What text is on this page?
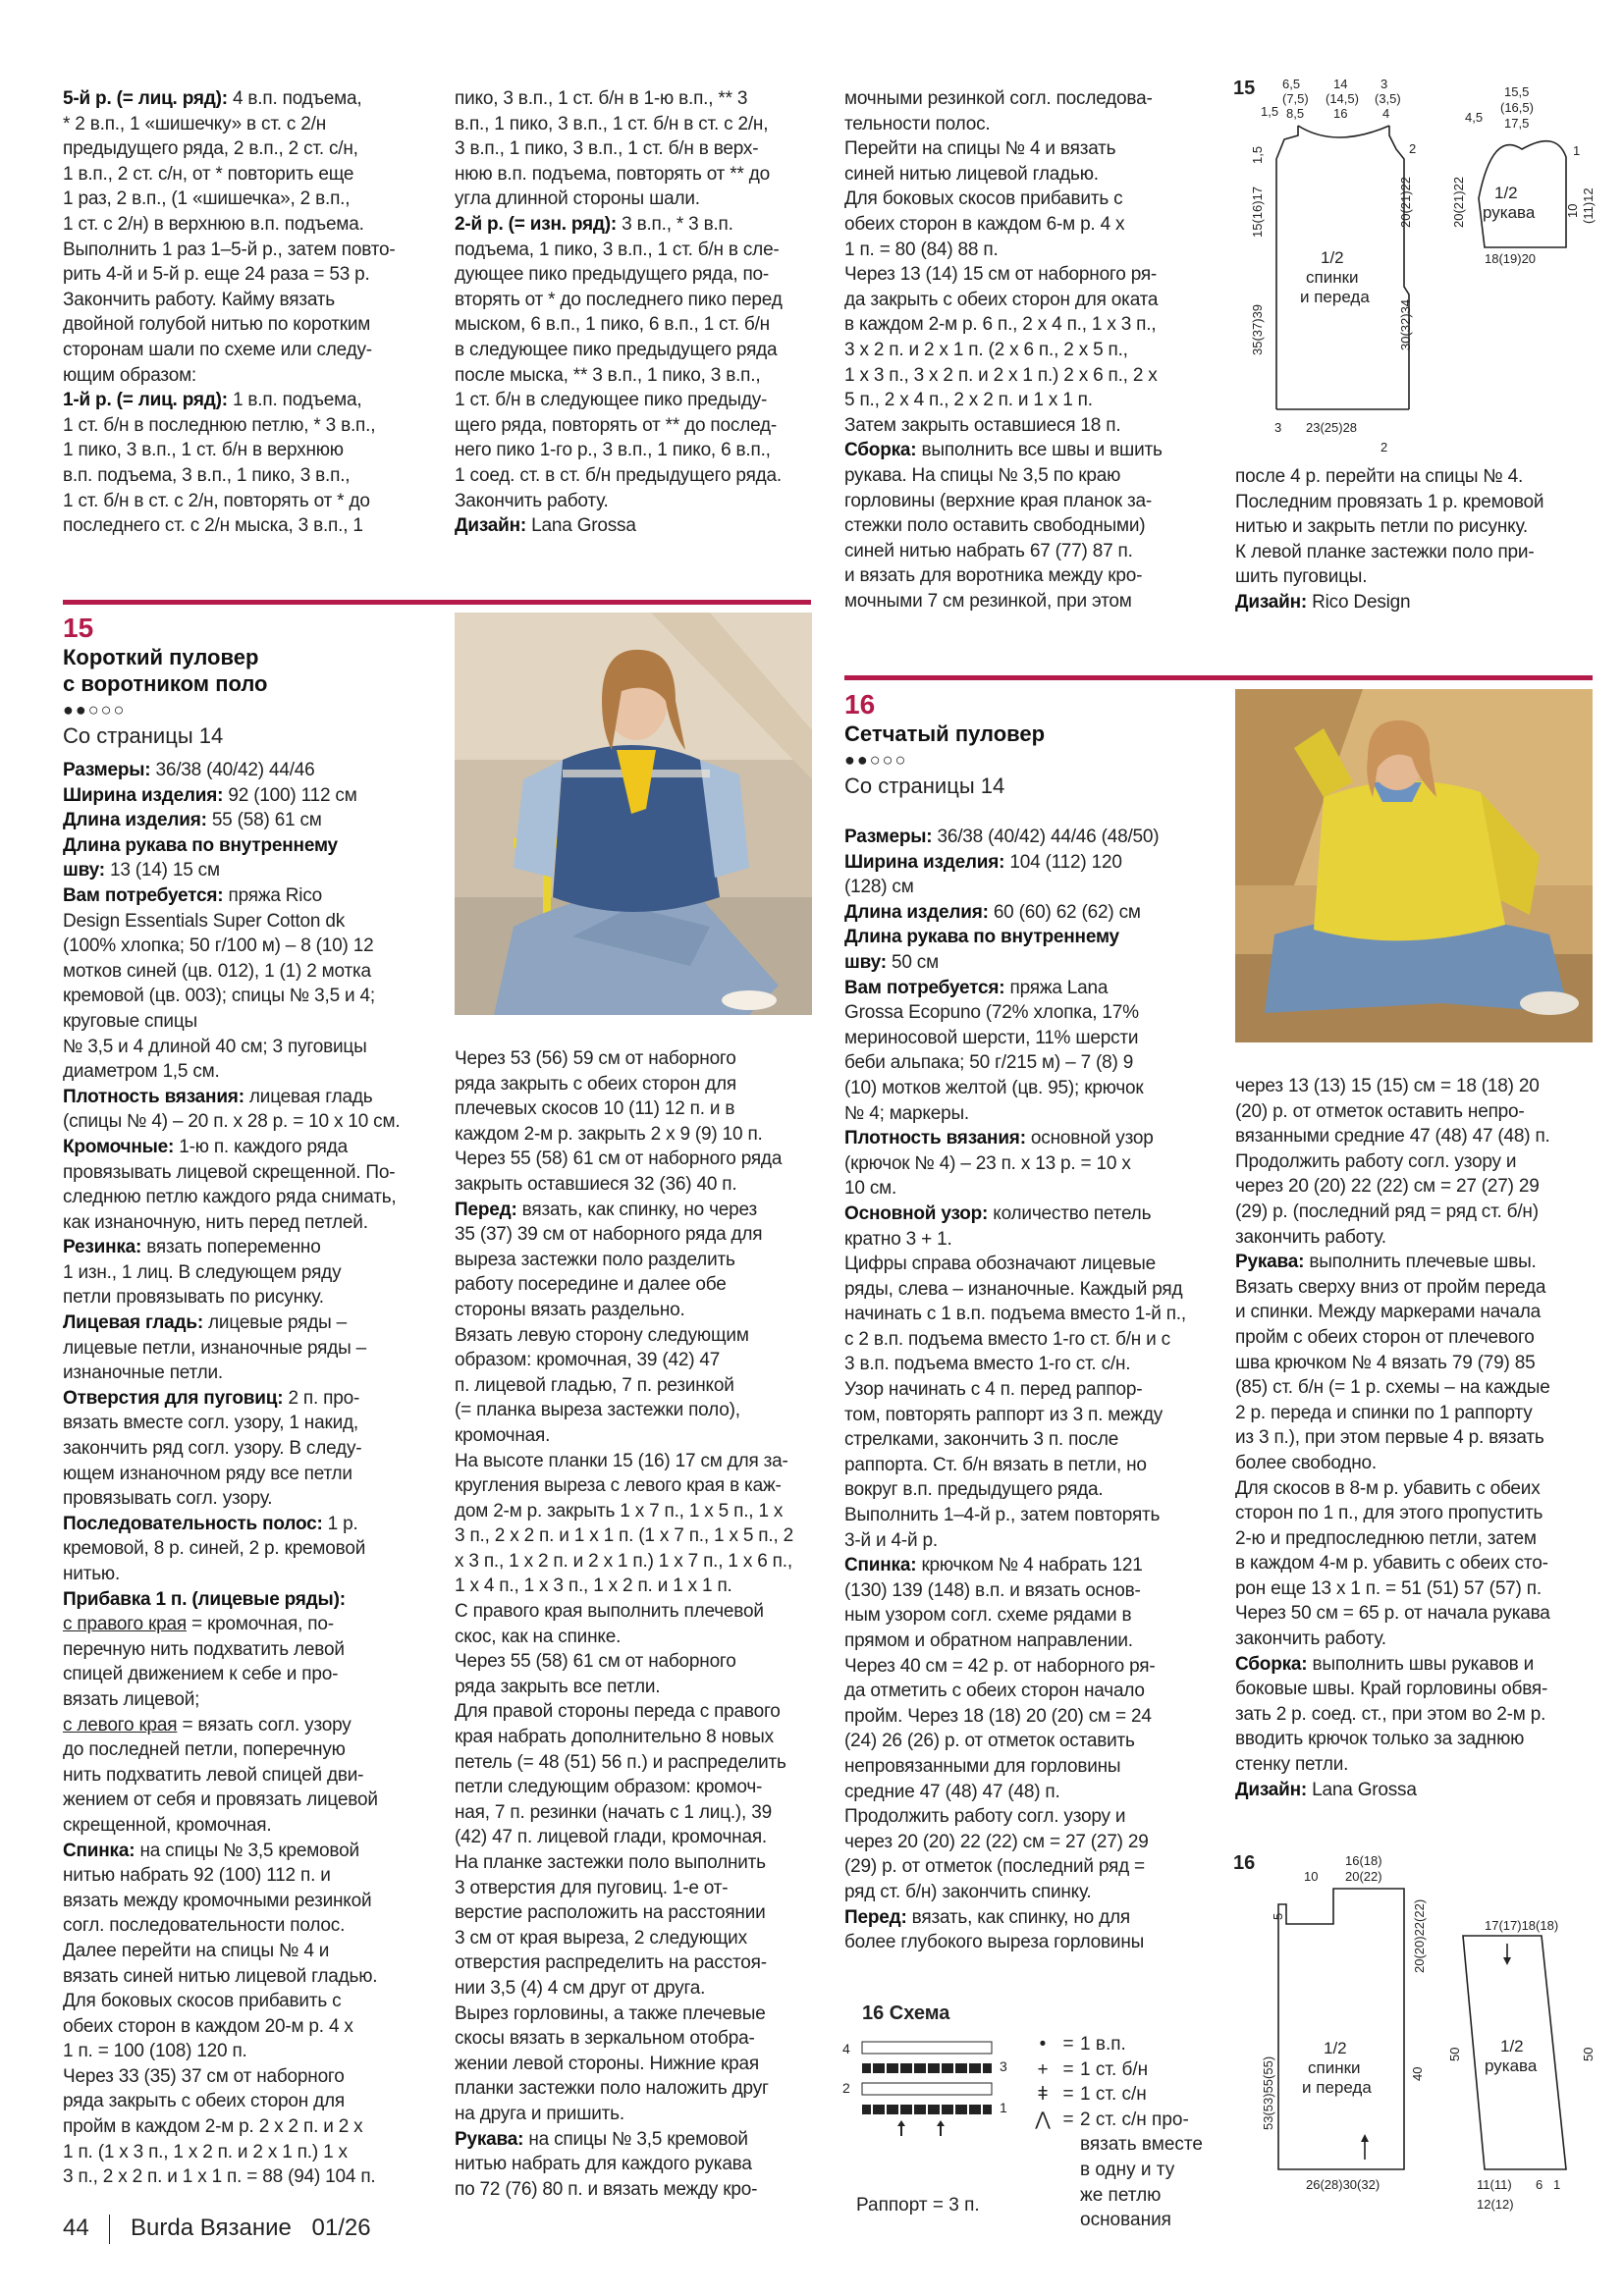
5-й р. (= лиц. ряд): 4 в.п. подъема,

* 2 в.п., 1 «шишечку» в ст. с 2/н

предыдущего ряда, 2 в.п., 2 ст. с/н,

1 в.п., 2 ст. с/н, от * повторить еще

1 раз, 2 в.п., (1 «шишечка», 2 в.п.,

1 ст. с 2/н) в верхнюю в.п. подъема.

Выполнить 1 раз 1–5-й р., затем повто-

рить 4-й и 5-й р. еще 24 раза = 53 р.

Закончить работу. Каймy вязать

двойной голубой нитью по коротким

сторонам шали по схеме или следу-

ющим образом:

1-й р. (= лиц. ряд): 1 в.п. подъема,

1 ст. б/н в последнюю петлю, * 3 в.п.,

1 пико, 3 в.п., 1 ст. б/н в верхнюю

в.п. подъема, 3 в.п., 1 пико, 3 в.п.,

1 ст. б/н в ст. с 2/н, повторять от * до

последнего ст. с 2/н мыска, 3 в.п., 1

пико, 3 в.п., 1 ст. б/н в 1-ю в.п., ** 3

в.п., 1 пико, 3 в.п., 1 ст. б/н в ст. с 2/н,

3 в.п., 1 пико, 3 в.п., 1 ст. б/н в верх-

нюю в.п. подъема, повторять от ** до

угла длинной стороны шали.

2-й р. (= изн. ряд): 3 в.п., * 3 в.п.

подъема, 1 пико, 3 в.п., 1 ст. б/н в сле-

дующее пико предыдущего ряда, по-

вторять от * до последнего пико перед

мыском, 6 в.п., 1 пико, 6 в.п., 1 ст. б/н

в следующее пико предыдущего ряда

после мыска, ** 3 в.п., 1 пико, 3 в.п.,

1 ст. б/н в следующее пико предыду-

щего ряда, повторять от ** до послед-

него пико 1-го р., 3 в.п., 1 пико, 6 в.п.,

1 соед. ст. в ст. б/н предыдущего ряда.

Закончить работу.

Дизайн: Lana Grossa

мочными резинкой согл. последова-

тельности полос.

Перейти на спицы № 4 и вязать

синей нитью лицевой гладью.

Для боковых скосов прибавить с

обеих сторон в каждом 6-м р. 4 х

1 п. = 80 (84) 88 п.

Через 13 (14) 15 см от наборного ря-

да закрыть с обеих сторон для оката

в каждом 2-м р. 6 п., 2 х 4 п., 1 х 3 п.,

3 х 2 п. и 2 х 1 п. (2 х 6 п., 2 х 5 п.,

1 х 3 п., 3 х 2 п. и 2 х 1 п.) 2 х 6 п., 2 х

5 п., 2 х 4 п., 2 х 2 п. и 1 х 1 п.

Затем закрыть оставшиеся 18 п.

Сборка: выполнить все швы и вшить

рукава. На спицы № 3,5 по краю

горловины (верхние края планок за-

стежки поло оставить свободными)

синей нитью набрать 67 (77) 87 п.

и вязать для воротника между кро-

мочными 7 см резинкой, при этом

после 4 р. перейти на спицы № 4.

Последним провязать 1 р. кремовой

нитью и закрыть петли по рисунку.

К левой планке застежки поло при-

шить пуговицы.

Дизайн: Rico Design

15
Короткий пуловер
с воротником поло
●●○○○
Со страницы 14

Размеры: 36/38 (40/42) 44/46

Ширина изделия: 92 (100) 112 см

Длина изделия: 55 (58) 61 см

Длина рукава по внутреннему

шву: 13 (14) 15 см

Вам потребуется: пряжа Rico

Design Essentials Super Cotton dk

(100% хлопка; 50 г/100 м) – 8 (10) 12

мотков синей (цв. 012), 1 (1) 2 мотка

кремовой (цв. 003); спицы № 3,5 и 4;

круговые спицы

№ 3,5 и 4 длиной 40 см; 3 пуговицы

диаметром 1,5 см.

Плотность вязания: лицевая гладь

(спицы № 4) – 20 п. х 28 р. = 10 х 10 см.

Кромочные: 1-ю п. каждого ряда

провязывать лицевой скрещенной. По-

следнюю петлю каждого ряда снимать,

как изнаночную, нить перед петлей.

Резинка: вязать попеременно

1 изн., 1 лиц. В следующем ряду

петли провязывать по рисунку.

Лицевая гладь: лицевые ряды –

лицевые петли, изнаночные ряды –

изнаночные петли.

Отверстия для пуговиц: 2 п. про-

вязать вместе согл. узору, 1 накид,

закончить ряд согл. узору. В следу-

ющем изнаночном ряду все петли

провязывать согл. узору.

Последовательность полос: 1 р.

кремовой, 8 р. синей, 2 р. кремовой

нитью.

Прибавка 1 п. (лицевые ряды):

с правого края = кромочная, по-

перечную нить подхватить левой

спицей движением к себе и про-

вязать лицевой;

с левого края = вязать согл. узору

до последней петли, поперечную

нить подхватить левой спицей дви-

жением от себя и провязать лицевой

скрещенной, кромочная.

Спинка: на спицы № 3,5 кремовой

нитью набрать 92 (100) 112 п. и

вязать между кромочными резинкой

согл. последовательности полос.

Далее перейти на спицы № 4 и

вязать синей нитью лицевой гладью.

Для боковых скосов прибавить с

обеих сторон в каждом 20-м р. 4 х

1 п. = 100 (108) 120 п.

Через 33 (35) 37 см от наборного

ряда закрыть с обеих сторон для

пройм в каждом 2-м р. 2 х 2 п. и 2 х

1 п. (1 х 3 п., 1 х 2 п. и 2 х 1 п.) 1 х

3 п., 2 х 2 п. и 1 х 1 п. = 88 (94) 104 п.

Через 53 (56) 59 см от наборного

ряда закрыть с обеих сторон для

плечевых скосов 10 (11) 12 п. и в

каждом 2-м р. закрыть 2 х 9 (9) 10 п.

Через 55 (58) 61 см от наборного ряда

закрыть оставшиеся 32 (36) 40 п.

Перед: вязать, как спинку, но через

35 (37) 39 см от наборного ряда для

выреза застежки поло разделить

работу посередине и далее обе

стороны вязать раздельно.

Вязать левую сторону следующим

образом: кромочная, 39 (42) 47

п. лицевой гладью, 7 п. резинкой

(= планка выреза застежки поло),

кромочная.

На высоте планки 15 (16) 17 см для за-

кругления выреза с левого края в каж-

дом 2-м р. закрыть 1 х 7 п., 1 х 5 п., 1 х

3 п., 2 х 2 п. и 1 х 1 п. (1 х 7 п., 1 х 5 п., 2

х 3 п., 1 х 2 п. и 2 х 1 п.) 1 х 7 п., 1 х 6 п.,

1 х 4 п., 1 х 3 п., 1 х 2 п. и 1 х 1 п.

С правого края выполнить плечевой

скос, как на спинке.

Через 55 (58) 61 см от наборного

ряда закрыть все петли.

Для правой стороны переда с правого

края набрать дополнительно 8 новых

петель (= 48 (51) 56 п.) и распределить

петли следующим образом: кромоч-

ная, 7 п. резинки (начать с 1 лиц.), 39

(42) 47 п. лицевой глади, кромочная.

На планке застежки поло выполнить

3 отверстия для пуговиц. 1-е от-

верстие расположить на расстоянии

3 см от края выреза, 2 следующих

отверстия распределить на расстоя-

нии 3,5 (4) 4 см друг от друга.

Вырез горловины, а также плечевые

скосы вязать в зеркальном отобра-

жении левой стороны. Нижние края

планки застежки поло наложить друг

на друга и пришить.

Рукава: на спицы № 3,5 кремовой

нитью набрать для каждого рукава

по 72 (76) 80 п. и вязать между кро-

16
Сетчатый пуловер
●●○○○
Со страницы 14

Размеры: 36/38 (40/42) 44/46 (48/50)

Ширина изделия: 104 (112) 120

(128) см

Длина изделия: 60 (60) 62 (62) см

Длина рукава по внутреннему

шву: 50 см

Вам потребуется: пряжа Lana

Grossa Ecopuno (72% хлопка, 17%

мериносовой шерсти, 11% шерсти

беби альпака; 50 г/215 м) – 7 (8) 9

(10) мотков желтой (цв. 95); крючок

№ 4; маркеры.

Плотность вязания: основной узор

(крючок № 4) – 23 п. х 13 р. = 10 х

10 см.

Основной узор: количество петель

кратно 3 + 1.

Цифры справа обозначают лицевые

ряды, слева – изнаночные. Каждый ряд

начинать с 1 в.п. подъема вместо 1-й п.,

с 2 в.п. подъема вместо 1-го ст. б/н и с

3 в.п. подъема вместо 1-го ст. с/н.

Узор начинать с 4 п. перед раппор-

том, повторять раппорт из 3 п. между

стрелками, закончить 3 п. после

раппорта. Ст. б/н вязать в петли, но

вокруг в.п. предыдущего ряда.

Выполнить 1–4-й р., затем повторять

3-й и 4-й р.

Спинка: крючком № 4 набрать 121

(130) 139 (148) в.п. и вязать основ-

ным узором согл. схеме рядами в

прямом и обратном направлении.

Через 40 см = 42 р. от наборного ря-

да отметить с обеих сторон начало

пройм. Через 18 (18) 20 (20) см = 24

(24) 26 (26) р. от отметок оставить

непровязанными для горловины

средние 47 (48) 47 (48) п.

Продолжить работу согл. узору и

через 20 (20) 22 (22) см = 27 (27) 29

(29) р. от отметок (последний ряд =

ряд ст. б/н) закончить спинку.

Перед: вязать, как спинку, но для

более глубокого выреза горловины

через 13 (13) 15 (15) см = 18 (18) 20

(20) р. от отметок оставить непро-

вязанными средние 47 (48) 47 (48) п.

Продолжить работу согл. узору и

через 20 (20) 22 (22) см = 27 (27) 29

(29) р. (последний ряд = ряд ст. б/н)

закончить работу.

Рукава: выполнить плечевые швы.

Вязать сверху вниз от пройм переда

и спинки. Между маркерами начала

пройм с обеих сторон от плечевого

шва крючком № 4 вязать 79 (79) 85

(85) ст. б/н (= 1 р. схемы – на каждые

2 р. переда и спинки по 1 раппорту

из 3 п.), при этом первые 4 р. вязать

более свободно.

Для скосов в 8-м р. убавить с обеих

сторон по 1 п., для этого пропустить

2-ю и предпоследнюю петли, затем

в каждом 4-м р. убавить с обеих сто-

рон еще 13 х 1 п. = 51 (51) 57 (57) п.

Через 50 см = 65 р. от начала рукава

закончить работу.

Сборка: выполнить швы рукавов и

боковые швы. Край горловины обвя-

зать 2 р. соед. ст., при этом во 2-м р.

вводить крючок только за заднюю

стенку петли.

Дизайн: Lana Grossa

15 6,5
(7,5)
8,5
14
(14,5)
16
3
(3,5)
4
1,5
1/2
спинки
и переда
23(25)28
2
2
3
15(16)17
1,5
35(37)39
20(21)22
30(32)34
15,5
(16,5)
17,5
4,5
1/2
рукава
20(21)22	10 (11)12
18(19)20
1
16	16(18)
20(22)
10
5	20(20)22(22)
53(53)55(55)	40
1/2
спинки
и переда
26(28)30(32)
17(17)18(18)
1/2
рукава
50	50
11(11) 6
12(12)
1
16 Схема
4
3
2
1
Раппорт = 3 п.
• = 1 в.п.
+ = 1 ст. б/н
ǂ = 1 ст. с/н
⋀ = 2 ст. с/н про-
вязать вместе
в одну и ту
же петлю
основания
44 Burda Вязание 01/26
